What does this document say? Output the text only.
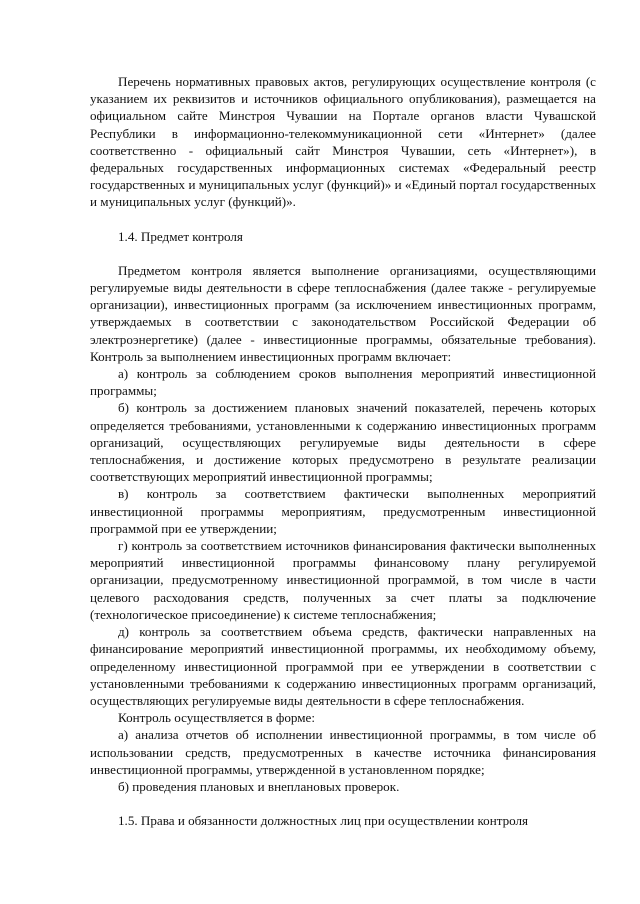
Перечень нормативных правовых актов, регулирующих осуществление контроля (с указанием их реквизитов и источников официального опубликования), размещается на официальном сайте Минстроя Чувашии на Портале органов власти Чувашской Республики в информационно-телекоммуникационной сети «Интернет» (далее соответственно - официальный сайт Минстроя Чувашии, сеть «Интернет»), в федеральных государственных информационных системах «Федеральный реестр государственных и муниципальных услуг (функций)» и «Единый портал государственных и муниципальных услуг (функций)».

1.4. Предмет контроля

Предметом контроля является выполнение организациями, осуществляющими регулируемые виды деятельности в сфере теплоснабжения (далее также - регулируемые организации), инвестиционных программ (за исключением инвестиционных программ, утверждаемых в соответствии с законодательством Российской Федерации об электроэнергетике) (далее - инвестиционные программы, обязательные требования). Контроль за выполнением инвестиционных программ включает:

а) контроль за соблюдением сроков выполнения мероприятий инвестиционной программы;

б) контроль за достижением плановых значений показателей, перечень которых определяется требованиями, установленными к содержанию инвестиционных программ организаций, осуществляющих регулируемые виды деятельности в сфере теплоснабжения, и достижение которых предусмотрено в результате реализации соответствующих мероприятий инвестиционной программы;

в) контроль за соответствием фактически выполненных мероприятий инвестиционной программы мероприятиям, предусмотренным инвестиционной программой при ее утверждении;

г) контроль за соответствием источников финансирования фактически выполненных мероприятий инвестиционной программы финансовому плану регулируемой организации, предусмотренному инвестиционной программой, в том числе в части целевого расходования средств, полученных за счет платы за подключение (технологическое присоединение) к системе теплоснабжения;

д) контроль за соответствием объема средств, фактически направленных на финансирование мероприятий инвестиционной программы, их необходимому объему, определенному инвестиционной программой при ее утверждении в соответствии с установленными требованиями к содержанию инвестиционных программ организаций, осуществляющих регулируемые виды деятельности в сфере теплоснабжения.

Контроль осуществляется в форме:

а) анализа отчетов об исполнении инвестиционной программы, в том числе об использовании средств, предусмотренных в качестве источника финансирования инвестиционной программы, утвержденной в установленном порядке;

б) проведения плановых и внеплановых проверок.

1.5. Права и обязанности должностных лиц при осуществлении контроля
